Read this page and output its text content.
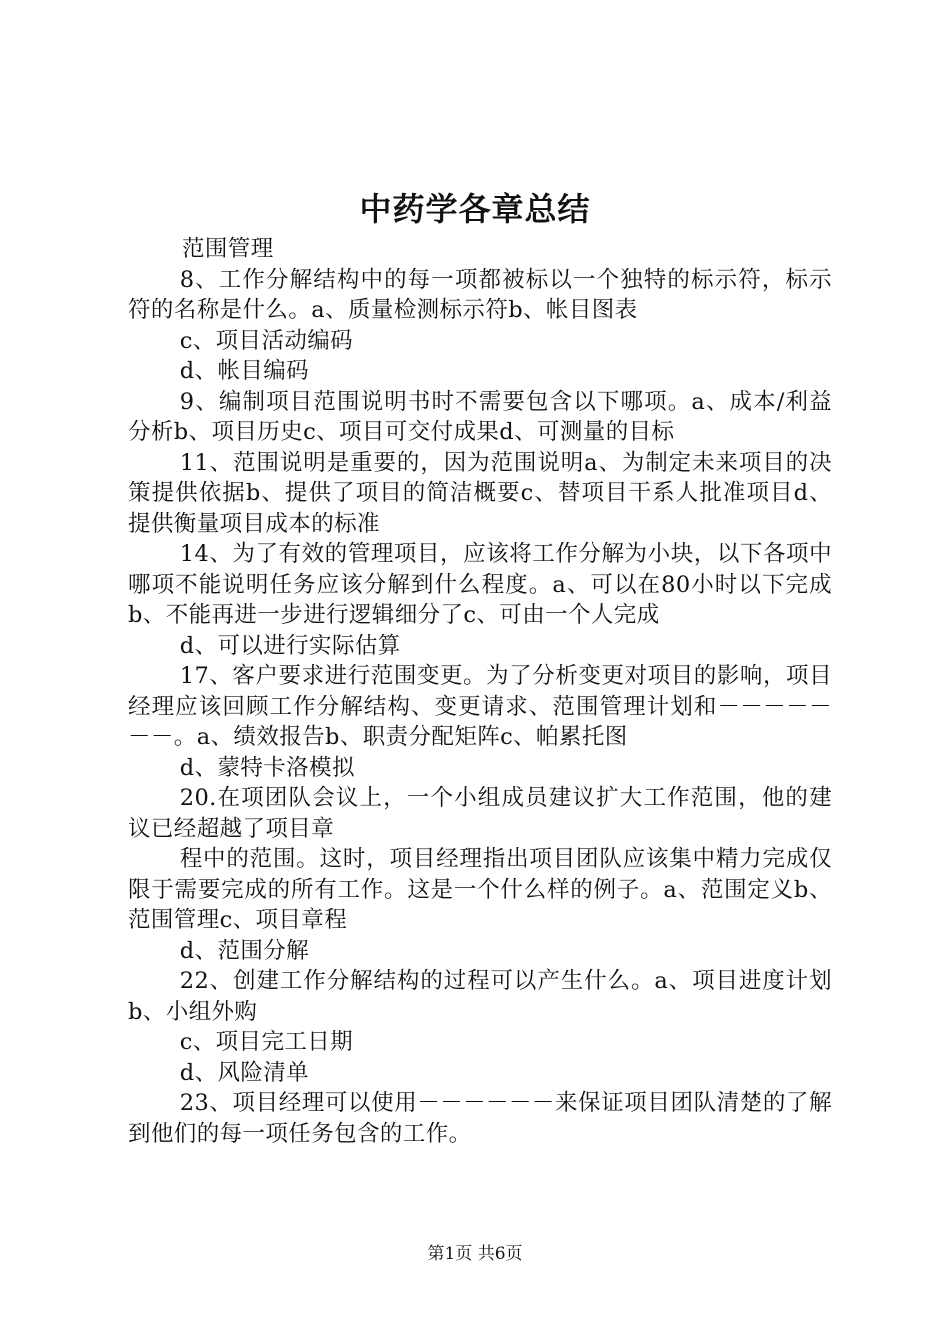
中药学各章总结

范围管理

8、工作分解结构中的每一项都被标以一个独特的标示符，标示符的名称是什么。a、质量检测标示符b、帐目图表

c、项目活动编码

d、帐目编码

9、编制项目范围说明书时不需要包含以下哪项。a、成本/利益分析b、项目历史c、项目可交付成果d、可测量的目标

11、范围说明是重要的，因为范围说明a、为制定未来项目的决策提供依据b、提供了项目的简洁概要c、替项目干系人批准项目d、提供衡量项目成本的标准

14、为了有效的管理项目，应该将工作分解为小块，以下各项中哪项不能说明任务应该分解到什么程度。a、可以在80小时以下完成b、不能再进一步进行逻辑细分了c、可由一个人完成

d、可以进行实际估算

17、客户要求进行范围变更。为了分析变更对项目的影响，项目经理应该回顾工作分解结构、变更请求、范围管理计划和－－－－－－－。a、绩效报告b、职责分配矩阵c、帕累托图

d、蒙特卡洛模拟

20.在项团队会议上，一个小组成员建议扩大工作范围，他的建议已经超越了项目章

程中的范围。这时，项目经理指出项目团队应该集中精力完成仅限于需要完成的所有工作。这是一个什么样的例子。a、范围定义b、范围管理c、项目章程

d、范围分解

22、创建工作分解结构的过程可以产生什么。a、项目进度计划b、小组外购

c、项目完工日期

d、风险清单

23、项目经理可以使用－－－－－－来保证项目团队清楚的了解到他们的每一项任务包含的工作。

第1页 共6页
